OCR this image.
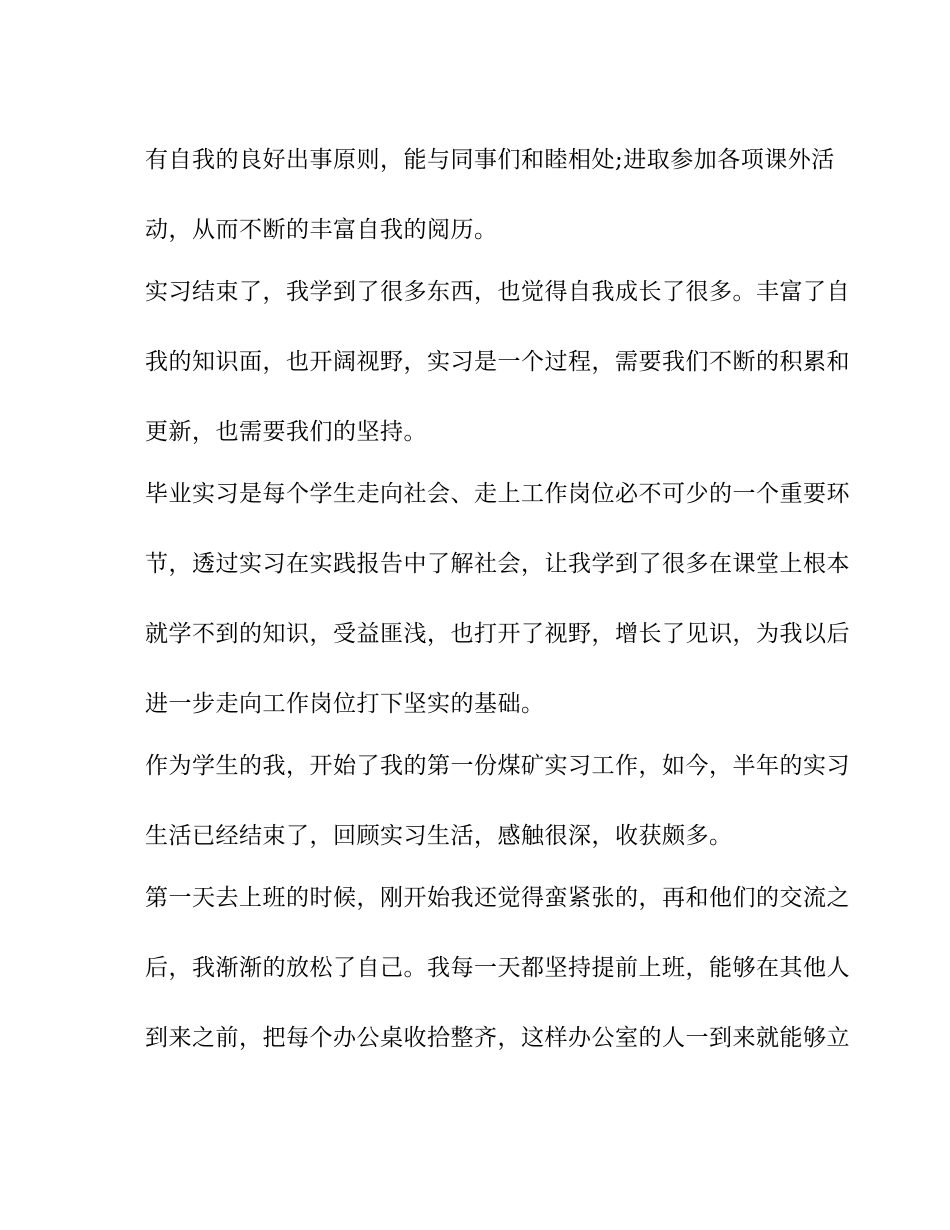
有自我的良好出事原则，能与同事们和睦相处;进取参加各项课外活
动，从而不断的丰富自我的阅历。
实习结束了，我学到了很多东西，也觉得自我成长了很多。丰富了自
我的知识面，也开阔视野，实习是一个过程，需要我们不断的积累和
更新，也需要我们的坚持。
毕业实习是每个学生走向社会、走上工作岗位必不可少的一个重要环
节，透过实习在实践报告中了解社会，让我学到了很多在课堂上根本
就学不到的知识，受益匪浅，也打开了视野，增长了见识，为我以后
进一步走向工作岗位打下坚实的基础。
作为学生的我，开始了我的第一份煤矿实习工作，如今，半年的实习
生活已经结束了，回顾实习生活，感触很深，收获颇多。
第一天去上班的时候，刚开始我还觉得蛮紧张的，再和他们的交流之
后，我渐渐的放松了自己。我每一天都坚持提前上班，能够在其他人
到来之前，把每个办公桌收拾整齐，这样办公室的人一到来就能够立
